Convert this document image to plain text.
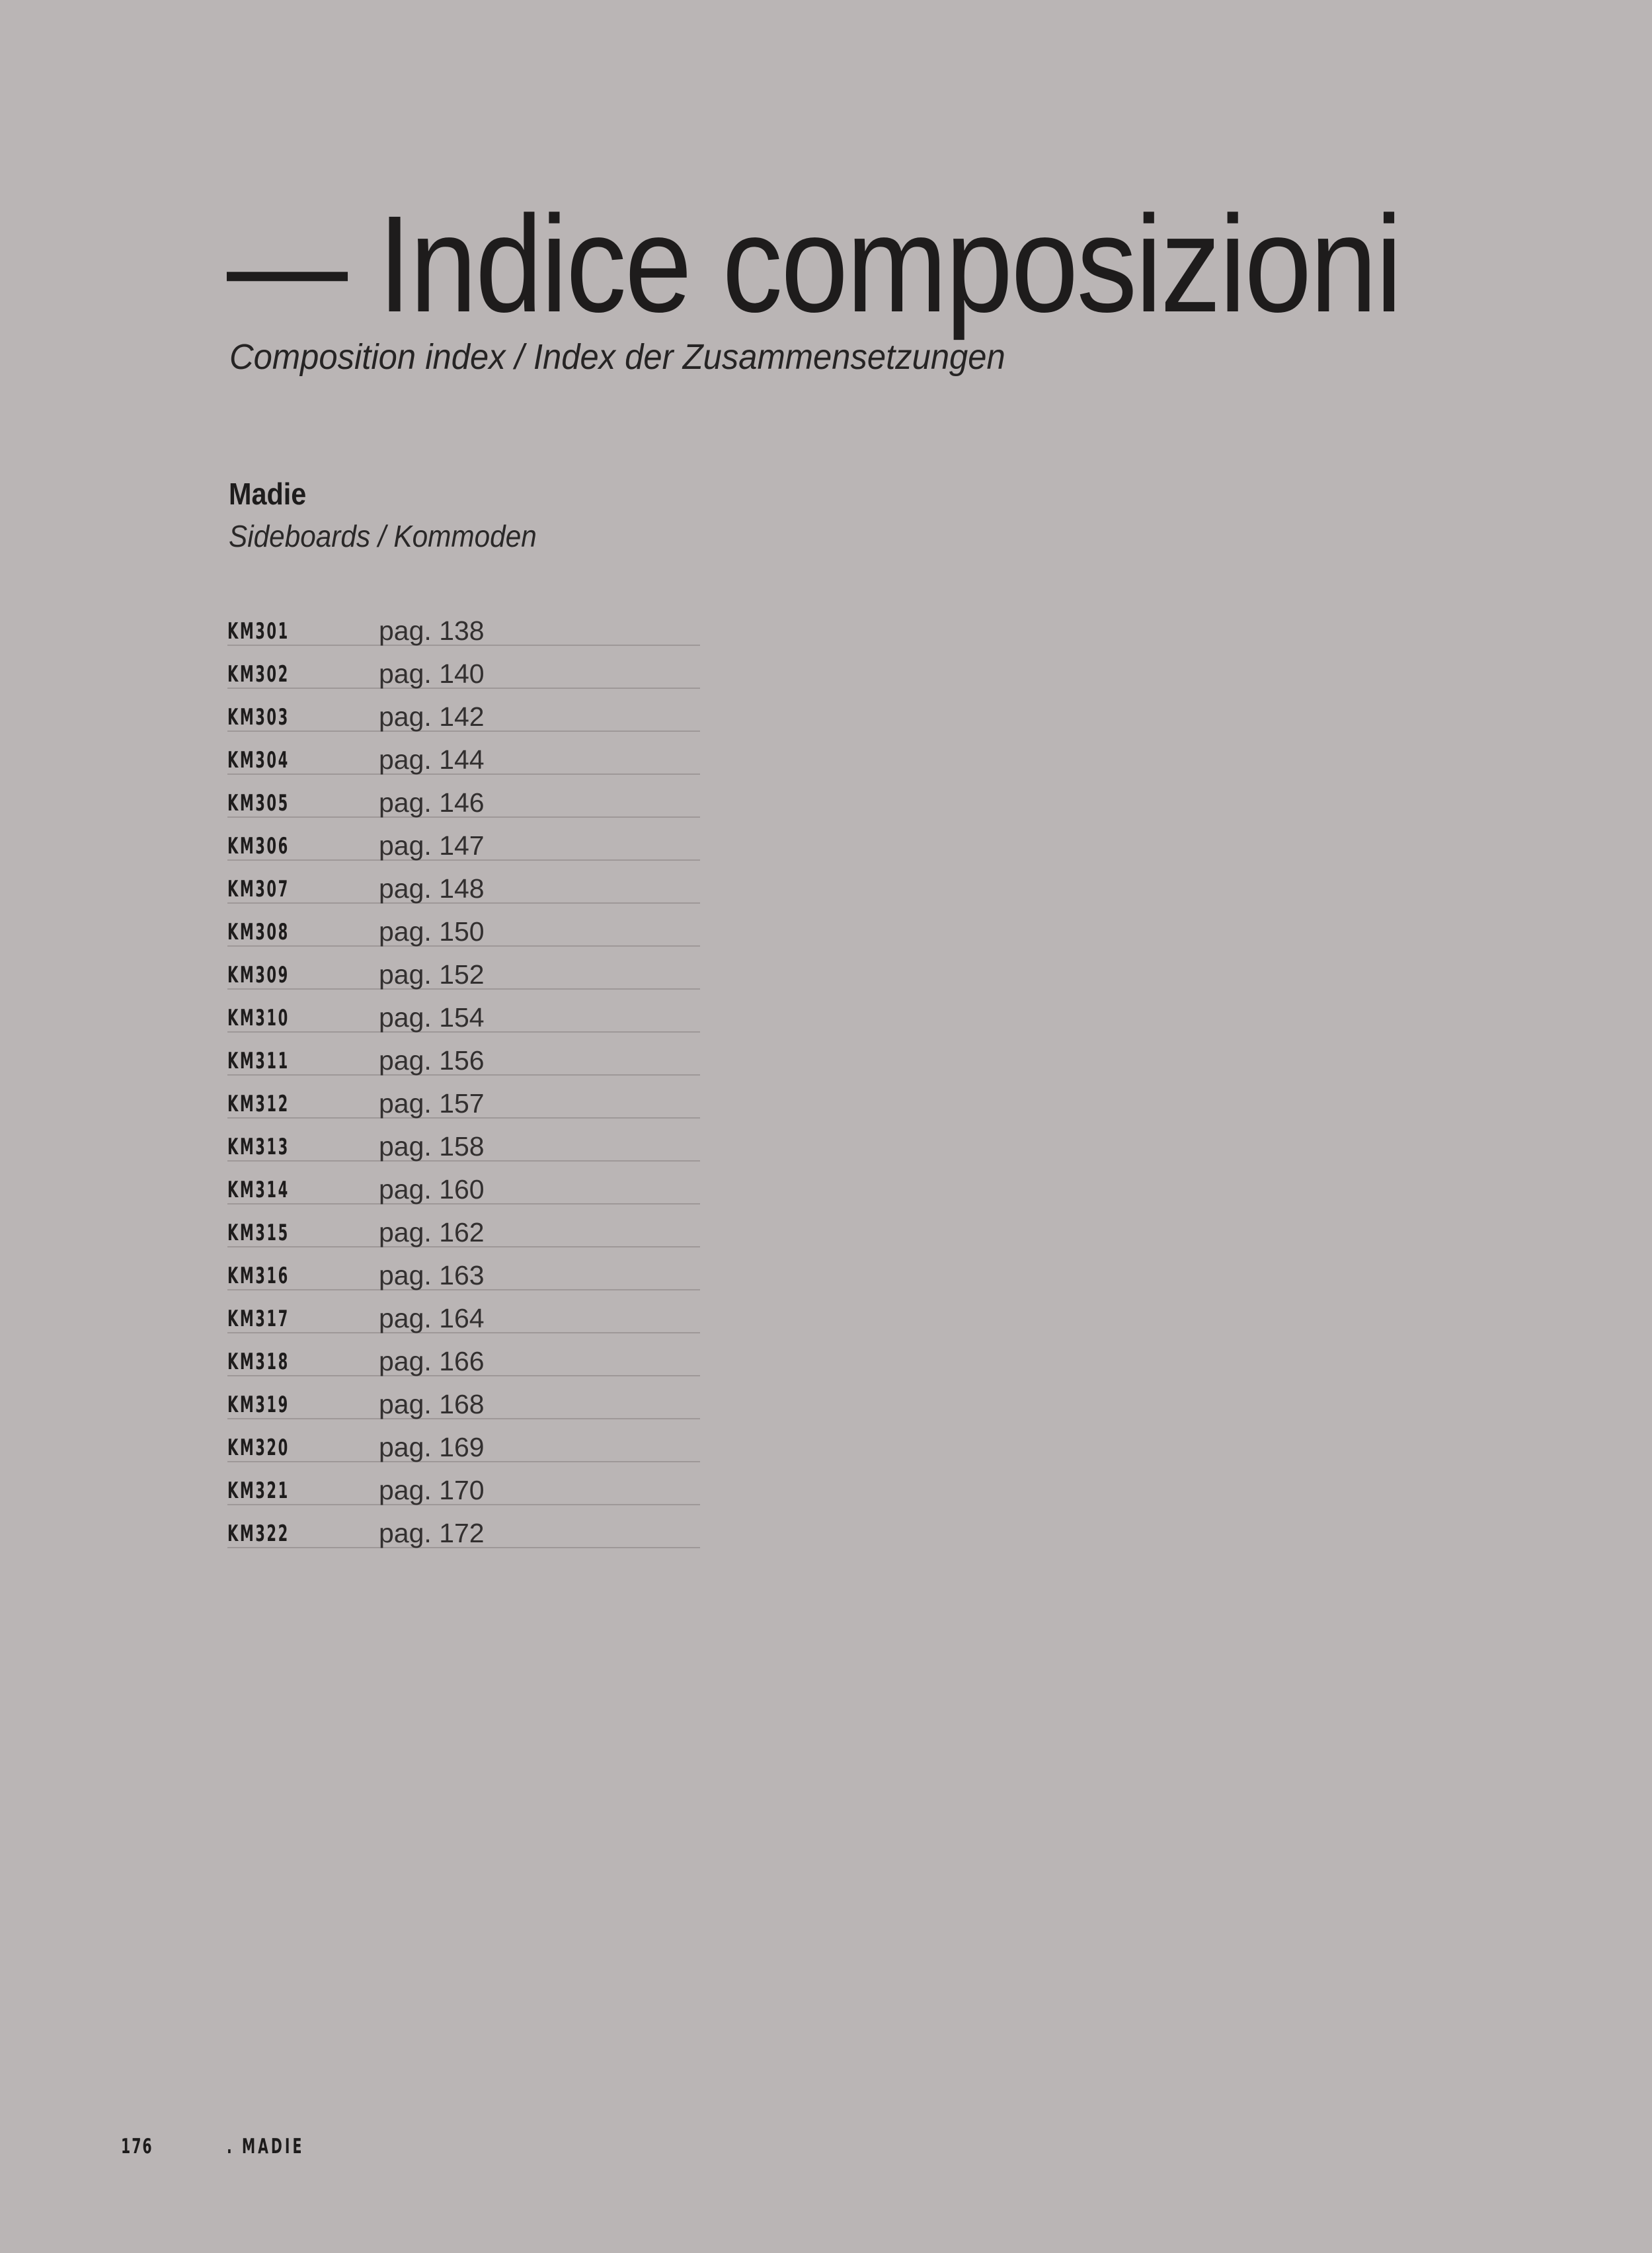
— Indice composizioni

Composition index / Index der Zusammensetzungen

Madie

Sideboards / Kommoden

KM301	pag. 138
KM302	pag. 140
KM303	pag. 142
KM304	pag. 144
KM305	pag. 146
KM306	pag. 147
KM307	pag. 148
KM308	pag. 150
KM309	pag. 152
KM310	pag. 154
KM311	pag. 156
KM312	pag. 157
KM313	pag. 158
KM314	pag. 160
KM315	pag. 162
KM316	pag. 163
KM317	pag. 164
KM318	pag. 166
KM319	pag. 168
KM320	pag. 169
KM321	pag. 170
KM322	pag. 172
176	. MADIE
